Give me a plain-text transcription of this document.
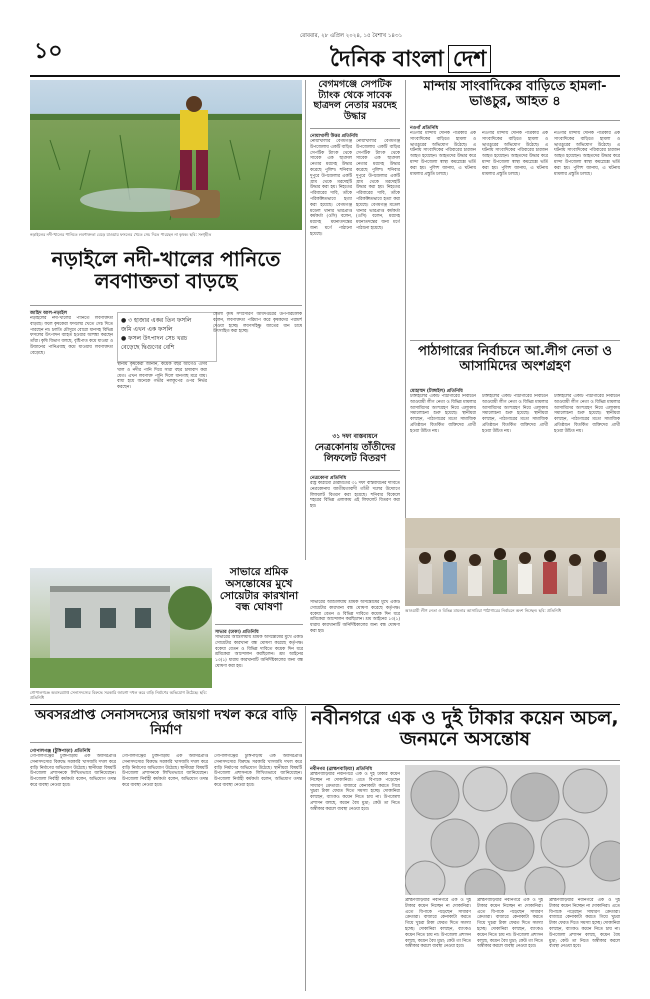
১০
রোববার, ২৮ এপ্রিল ২০২৪, ১৫ বৈশাখ ১৪৩১
দৈনিক বাংলা দেশ
নড়াইলের নদী-খালের পানিতে লবণাক্ততা বেড়ে যাওয়ায় ফসলের খেতে সেচ দিতে পারছেন না কৃষক। ছবি: সংগৃহীত
নড়াইলে নদী-খালের পানিতে লবণাক্ততা বাড়ছে
জাহিদ আল-নড়াইল
নড়াইলের নদী-খালের পানিতে লবণাক্ততা বাড়ছে। ফলে কৃষকেরা ফসলের খেতে সেচ দিতে পারছেন না। চলতি মৌসুমে বোরো ধানসহ বিভিন্ন ফসলের উৎপাদন ব্যাহত হওয়ার আশঙ্কা করছেন তাঁরা। কৃষি বিভাগ বলছে, বৃষ্টিপাত কমে যাওয়া ও উজানের পানিপ্রবাহ কমে যাওয়ায় লবণাক্ততা বেড়েছে।
● ৩ হাজার একর তিন ফসলি
জমি এখন এক ফসলি
● ফসল উৎপাদন সেচ খরচ
বেড়েছে দ্বিগুণের বেশি
স্থানীয় কৃষকেরা জানান, কয়েক বছর আগেও এসব খাল ও নদীর পানি দিয়ে সারা বছর চাষাবাদ করা যেত। এখন লবণাক্ত পানি দিলে ধানগাছ মরে যায়। বাধ্য হয়ে অনেকে গভীর নলকূপের ওপর নির্ভর করছেন।
জেলা কৃষি সম্প্রসারণ অধিদপ্তরের উপপরিচালক বলেন, লবণাক্ততা পরিমাপ করে কৃষকদের পরামর্শ দেওয়া হচ্ছে। লবণসহিষ্ণু জাতের ধান চাষে উৎসাহিত করা হচ্ছে।
বেগমগঞ্জে সেপটিক ট্যাংক থেকে সাবেক ছাত্রদল নেতার মরদেহ উদ্ধার
নোয়াখালী উত্তর প্রতিনিধি
নোয়াখালীর বেগমগঞ্জ উপজেলায় একটি বাড়ির সেপটিক ট্যাংক থেকে সাবেক এক ছাত্রদল নেতার মরদেহ উদ্ধার করেছে পুলিশ। শনিবার দুপুরে উপজেলার একটি গ্রাম থেকে মরদেহটি উদ্ধার করা হয়। নিহতের পরিবারের দাবি, তাঁকে পরিকল্পিতভাবে হত্যা করা হয়েছে। বেগমগঞ্জ মডেল থানার ভারপ্রাপ্ত কর্মকর্তা (ওসি) বলেন, মরদেহ ময়নাতদন্তের জন্য মর্গে পাঠানো হয়েছে।
নোয়াখালীর বেগমগঞ্জ উপজেলায় একটি বাড়ির সেপটিক ট্যাংক থেকে সাবেক এক ছাত্রদল নেতার মরদেহ উদ্ধার করেছে পুলিশ। শনিবার দুপুরে উপজেলার একটি গ্রাম থেকে মরদেহটি উদ্ধার করা হয়। নিহতের পরিবারের দাবি, তাঁকে পরিকল্পিতভাবে হত্যা করা হয়েছে। বেগমগঞ্জ মডেল থানার ভারপ্রাপ্ত কর্মকর্তা (ওসি) বলেন, মরদেহ ময়নাতদন্তের জন্য মর্গে পাঠানো হয়েছে।
৩১ দফা বাস্তবায়নে
নেত্রকোনায় তাঁতীদের লিফলেট বিতরণ
নেত্রকোনা প্রতিনিধি
রাষ্ট্র কাঠামো মেরামতের ৩১ দফা বাস্তবায়নের দাবিতে নেত্রকোনায় জাতীয়তাবাদী তাঁতী দলের উদ্যোগে লিফলেট বিতরণ করা হয়েছে। শনিবার বিকেলে শহরের বিভিন্ন এলাকায় এই লিফলেট বিতরণ করা হয়।
মান্দায় সাংবাদিকের বাড়িতে হামলা-ভাঙচুর, আহত ৪
নওগাঁ প্রতিনিধি
নওগাঁর মান্দায় দৈনিক পত্রিকার এক সাংবাদিকের বাড়িতে হামলা ও ভাঙচুরের অভিযোগ উঠেছে। এ ঘটনায় সাংবাদিকের পরিবারের চারজন আহত হয়েছেন। আহতদের উদ্ধার করে মান্দা উপজেলা স্বাস্থ্য কমপ্লেক্সে ভর্তি করা হয়। পুলিশ জানায়, এ ঘটনায় মামলার প্রস্তুতি চলছে।
নওগাঁর মান্দায় দৈনিক পত্রিকার এক সাংবাদিকের বাড়িতে হামলা ও ভাঙচুরের অভিযোগ উঠেছে। এ ঘটনায় সাংবাদিকের পরিবারের চারজন আহত হয়েছেন। আহতদের উদ্ধার করে মান্দা উপজেলা স্বাস্থ্য কমপ্লেক্সে ভর্তি করা হয়। পুলিশ জানায়, এ ঘটনায় মামলার প্রস্তুতি চলছে।
নওগাঁর মান্দায় দৈনিক পত্রিকার এক সাংবাদিকের বাড়িতে হামলা ও ভাঙচুরের অভিযোগ উঠেছে। এ ঘটনায় সাংবাদিকের পরিবারের চারজন আহত হয়েছেন। আহতদের উদ্ধার করে মান্দা উপজেলা স্বাস্থ্য কমপ্লেক্সে ভর্তি করা হয়। পুলিশ জানায়, এ ঘটনায় মামলার প্রস্তুতি চলছে।
পাঠাগারের নির্বাচনে আ.লীগ নেতা ও আসামিদের অংশগ্রহণ
মোহাম্মদ (টাঙ্গাইল) প্রতিনিধি
টাঙ্গাইলের একটি পাঠাগারের নির্বাচনে আওয়ামী লীগ নেতা ও বিভিন্ন মামলার আসামিদের অংশগ্রহণ নিয়ে এলাকায় সমালোচনা শুরু হয়েছে। স্থানীয়রা বলছেন, পাঠাগারের মতো সামাজিক প্রতিষ্ঠানে বিতর্কিত ব্যক্তিদের প্রার্থী হওয়া উচিত নয়।
টাঙ্গাইলের একটি পাঠাগারের নির্বাচনে আওয়ামী লীগ নেতা ও বিভিন্ন মামলার আসামিদের অংশগ্রহণ নিয়ে এলাকায় সমালোচনা শুরু হয়েছে। স্থানীয়রা বলছেন, পাঠাগারের মতো সামাজিক প্রতিষ্ঠানে বিতর্কিত ব্যক্তিদের প্রার্থী হওয়া উচিত নয়।
টাঙ্গাইলের একটি পাঠাগারের নির্বাচনে আওয়ামী লীগ নেতা ও বিভিন্ন মামলার আসামিদের অংশগ্রহণ নিয়ে এলাকায় সমালোচনা শুরু হয়েছে। স্থানীয়রা বলছেন, পাঠাগারের মতো সামাজিক প্রতিষ্ঠানে বিতর্কিত ব্যক্তিদের প্রার্থী হওয়া উচিত নয়।
আওয়ামী লীগ নেতা ও বিভিন্ন মামলার আসামিরা পাঠাগারের নির্বাচনে অংশ নিচ্ছেন। ছবি: প্রতিনিধি
সাভারে শ্রমিক অসন্তোষের মুখে সোয়েটার কারখানা বন্ধ ঘোষণা
সাভার (ঢাকা) প্রতিনিধি
সাভারের আশুলিয়ায় শ্রমিক অসন্তোষের মুখে একটি সোয়েটার কারখানা বন্ধ ঘোষণা করেছে কর্তৃপক্ষ। বকেয়া বেতন ও বিভিন্ন দাবিতে কয়েক দিন ধরে শ্রমিকেরা আন্দোলন করছিলেন। শ্রম আইনের ১৩(১) ধারায় কারখানাটি অনির্দিষ্টকালের জন্য বন্ধ ঘোষণা করা হয়।
সাভারের আশুলিয়ায় শ্রমিক অসন্তোষের মুখে একটি সোয়েটার কারখানা বন্ধ ঘোষণা করেছে কর্তৃপক্ষ। বকেয়া বেতন ও বিভিন্ন দাবিতে কয়েক দিন ধরে শ্রমিকেরা আন্দোলন করছিলেন। শ্রম আইনের ১৩(১) ধারায় কারখানাটি অনির্দিষ্টকালের জন্য বন্ধ ঘোষণা করা হয়।
গোপালগঞ্জে অবসরপ্রাপ্ত সেনাসদস্যের বিরুদ্ধে সরকারি জায়গা দখল করে বাড়ি নির্মাণের অভিযোগ উঠেছে। ছবি: প্রতিনিধি
অবসরপ্রাপ্ত সেনাসদস্যের জায়গা দখল করে বাড়ি নির্মাণ
গোপালগঞ্জ (টুঙ্গিপাড়া) প্রতিনিধি
গোপালগঞ্জের টুঙ্গিপাড়ায় এক অবসরপ্রাপ্ত সেনাসদস্যের বিরুদ্ধে সরকারি খাসজমি দখল করে বাড়ি নির্মাণের অভিযোগ উঠেছে। স্থানীয়রা বিষয়টি উপজেলা প্রশাসনকে লিখিতভাবে জানিয়েছেন। উপজেলা নির্বাহী কর্মকর্তা বলেন, অভিযোগ তদন্ত করে ব্যবস্থা নেওয়া হবে।
গোপালগঞ্জের টুঙ্গিপাড়ায় এক অবসরপ্রাপ্ত সেনাসদস্যের বিরুদ্ধে সরকারি খাসজমি দখল করে বাড়ি নির্মাণের অভিযোগ উঠেছে। স্থানীয়রা বিষয়টি উপজেলা প্রশাসনকে লিখিতভাবে জানিয়েছেন। উপজেলা নির্বাহী কর্মকর্তা বলেন, অভিযোগ তদন্ত করে ব্যবস্থা নেওয়া হবে।
গোপালগঞ্জের টুঙ্গিপাড়ায় এক অবসরপ্রাপ্ত সেনাসদস্যের বিরুদ্ধে সরকারি খাসজমি দখল করে বাড়ি নির্মাণের অভিযোগ উঠেছে। স্থানীয়রা বিষয়টি উপজেলা প্রশাসনকে লিখিতভাবে জানিয়েছেন। উপজেলা নির্বাহী কর্মকর্তা বলেন, অভিযোগ তদন্ত করে ব্যবস্থা নেওয়া হবে।
নবীনগরে এক ও দুই টাকার কয়েন অচল, জনমনে অসন্তোষ
নবীনগর (ব্রাহ্মণবাড়িয়া) প্রতিনিধি
ব্রাহ্মণবাড়িয়ার নবীনগরে এক ও দুই টাকার কয়েন নিচ্ছেন না দোকানিরা। এতে বিপাকে পড়েছেন সাধারণ ক্রেতারা। বাজারে কেনাকাটা করতে গিয়ে খুচরা টাকা ফেরত দিতে সমস্যা হচ্ছে। দোকানিরা বলছেন, ব্যাংকও কয়েন নিতে চায় না। উপজেলা প্রশাসন বলছে, কয়েন বৈধ মুদ্রা; কেউ তা নিতে অস্বীকার করলে ব্যবস্থা নেওয়া হবে।
ব্রাহ্মণবাড়িয়ার নবীনগরে এক ও দুই টাকার কয়েন নিচ্ছেন না দোকানিরা। এতে বিপাকে পড়েছেন সাধারণ ক্রেতারা। বাজারে কেনাকাটা করতে গিয়ে খুচরা টাকা ফেরত দিতে সমস্যা হচ্ছে। দোকানিরা বলছেন, ব্যাংকও কয়েন নিতে চায় না। উপজেলা প্রশাসন বলছে, কয়েন বৈধ মুদ্রা; কেউ তা নিতে অস্বীকার করলে ব্যবস্থা নেওয়া হবে।
ব্রাহ্মণবাড়িয়ার নবীনগরে এক ও দুই টাকার কয়েন নিচ্ছেন না দোকানিরা। এতে বিপাকে পড়েছেন সাধারণ ক্রেতারা। বাজারে কেনাকাটা করতে গিয়ে খুচরা টাকা ফেরত দিতে সমস্যা হচ্ছে। দোকানিরা বলছেন, ব্যাংকও কয়েন নিতে চায় না। উপজেলা প্রশাসন বলছে, কয়েন বৈধ মুদ্রা; কেউ তা নিতে অস্বীকার করলে ব্যবস্থা নেওয়া হবে।
ব্রাহ্মণবাড়িয়ার নবীনগরে এক ও দুই টাকার কয়েন নিচ্ছেন না দোকানিরা। এতে বিপাকে পড়েছেন সাধারণ ক্রেতারা। বাজারে কেনাকাটা করতে গিয়ে খুচরা টাকা ফেরত দিতে সমস্যা হচ্ছে। দোকানিরা বলছেন, ব্যাংকও কয়েন নিতে চায় না। উপজেলা প্রশাসন বলছে, কয়েন বৈধ মুদ্রা; কেউ তা নিতে অস্বীকার করলে ব্যবস্থা নেওয়া হবে।
